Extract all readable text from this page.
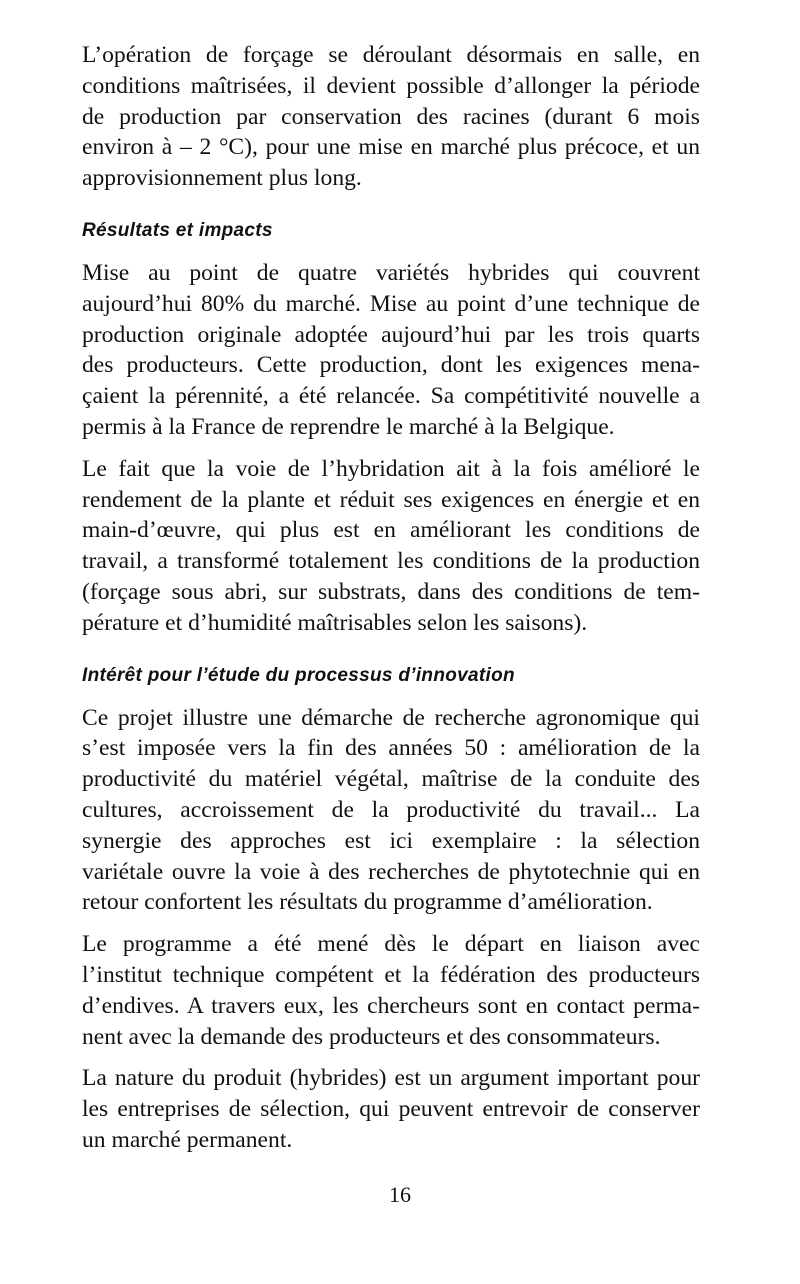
L’opération de forçage se déroulant désormais en salle, en
conditions maîtrisées, il devient possible d’allonger la période
de production par conservation des racines (durant 6 mois
environ à – 2 °C), pour une mise en marché plus précoce, et un
approvisionnement plus long.
Résultats et impacts
Mise au point de quatre variétés hybrides qui couvrent
aujourd’hui 80% du marché. Mise au point d’une technique de
production originale adoptée aujourd’hui par les trois quarts
des producteurs. Cette production, dont les exigences mena-
çaient la pérennité, a été relancée. Sa compétitivité nouvelle a
permis à la France de reprendre le marché à la Belgique.
Le fait que la voie de l’hybridation ait à la fois amélioré le
rendement de la plante et réduit ses exigences en énergie et en
main-d’œuvre, qui plus est en améliorant les conditions de
travail, a transformé totalement les conditions de la production
(forçage sous abri, sur substrats, dans des conditions de tem-
pérature et d’humidité maîtrisables selon les saisons).
Intérêt pour l’étude du processus d’innovation
Ce projet illustre une démarche de recherche agronomique qui
s’est imposée vers la fin des années 50 : amélioration de la
productivité du matériel végétal, maîtrise de la conduite des
cultures, accroissement de la productivité du travail... La
synergie des approches est ici exemplaire : la sélection
variétale ouvre la voie à des recherches de phytotechnie qui en
retour confortent les résultats du programme d’amélioration.
Le programme a été mené dès le départ en liaison avec
l’institut technique compétent et la fédération des producteurs
d’endives. A travers eux, les chercheurs sont en contact perma-
nent avec la demande des producteurs et des consommateurs.
La nature du produit (hybrides) est un argument important pour
les entreprises de sélection, qui peuvent entrevoir de conserver
un marché permanent.
16
